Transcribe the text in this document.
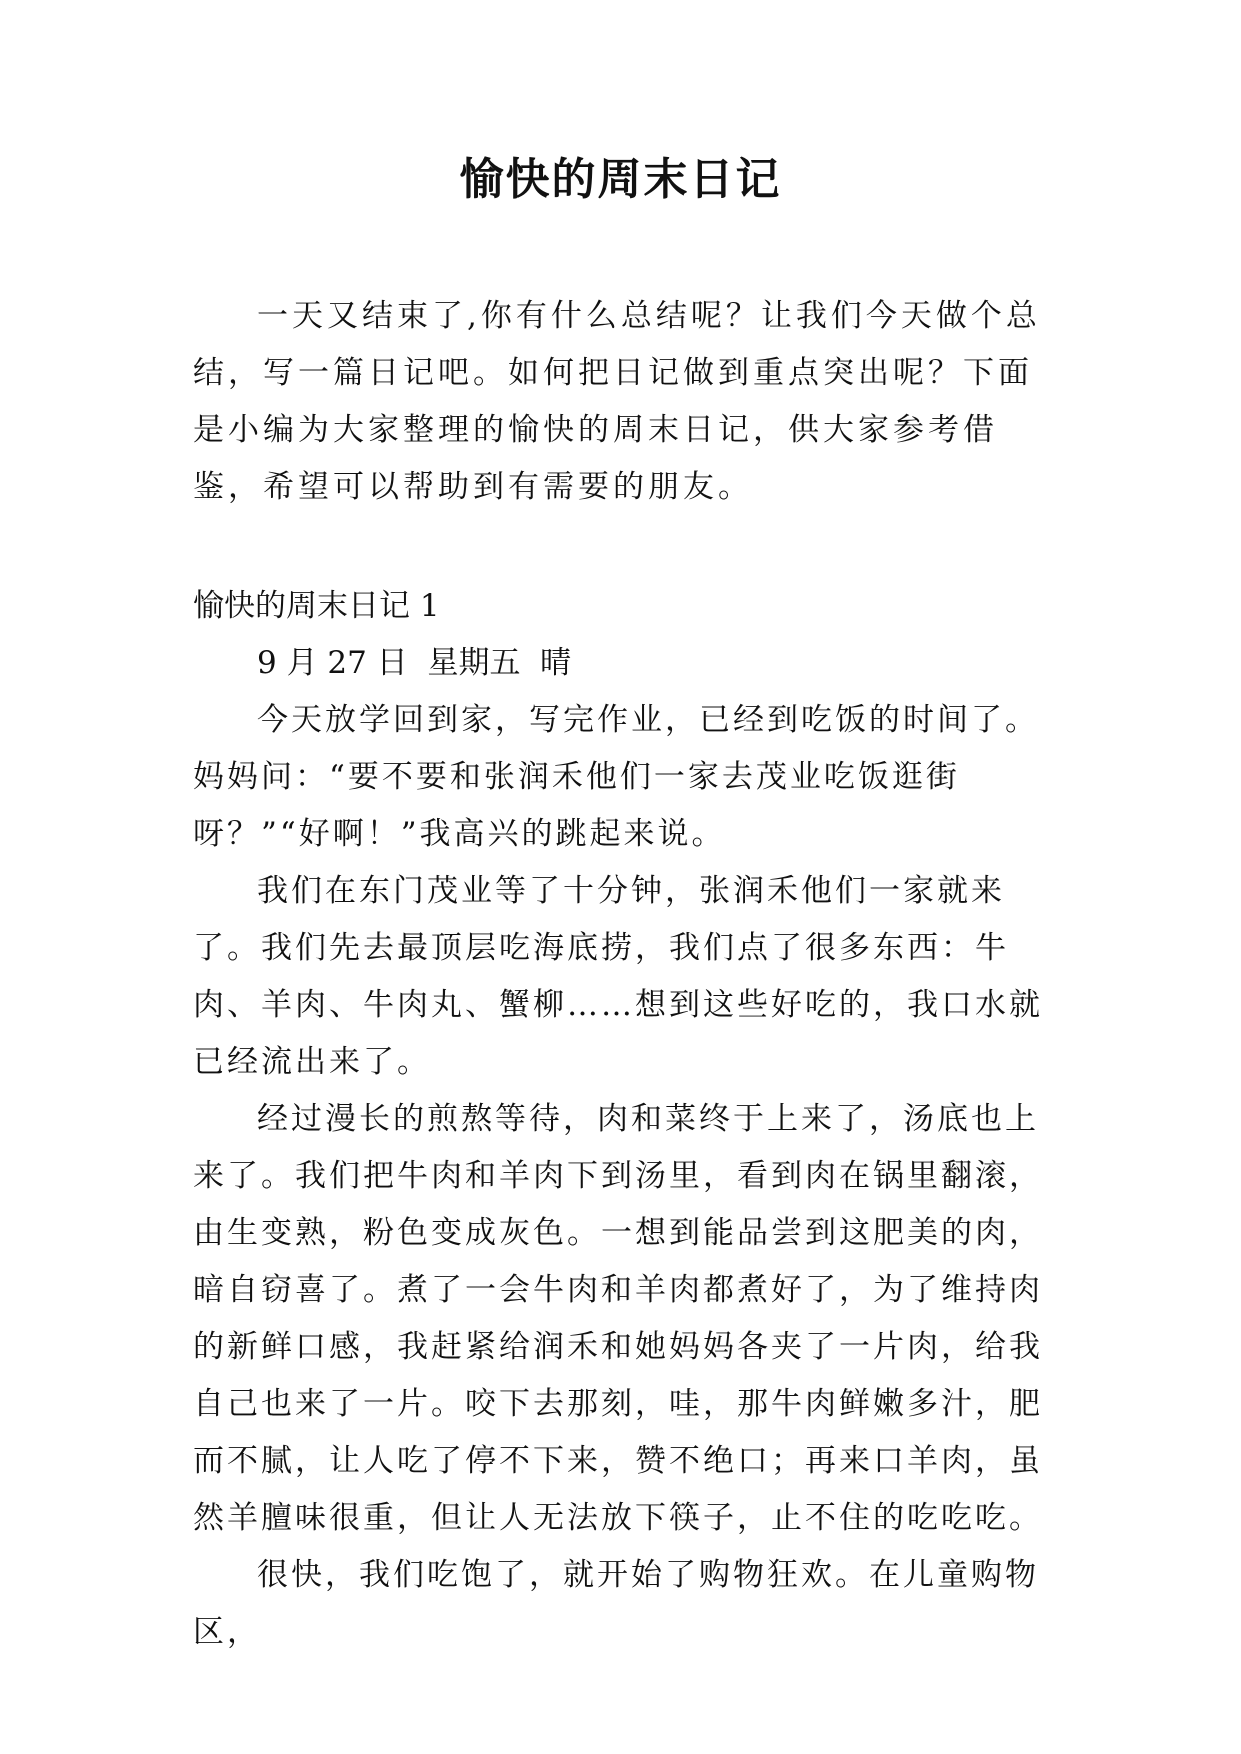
愉快的周末日记

一天又结束了,你有什么总结呢？让我们今天做个总结，写一篇日记吧。如何把日记做到重点突出呢？下面是小编为大家整理的愉快的周末日记，供大家参考借鉴，希望可以帮助到有需要的朋友。

愉快的周末日记 1

9 月 27 日  星期五  晴

今天放学回到家，写完作业，已经到吃饭的时间了。妈妈问：“要不要和张润禾他们一家去茂业吃饭逛街呀？”“好啊！”我高兴的跳起来说。

我们在东门茂业等了十分钟，张润禾他们一家就来了。我们先去最顶层吃海底捞，我们点了很多东西：牛肉、羊肉、牛肉丸、蟹柳……想到这些好吃的，我口水就已经流出来了。

经过漫长的煎熬等待，肉和菜终于上来了，汤底也上来了。我们把牛肉和羊肉下到汤里，看到肉在锅里翻滚，由生变熟，粉色变成灰色。一想到能品尝到这肥美的肉，暗自窃喜了。煮了一会牛肉和羊肉都煮好了，为了维持肉的新鲜口感，我赶紧给润禾和她妈妈各夹了一片肉，给我自己也来了一片。咬下去那刻，哇，那牛肉鲜嫩多汁，肥而不腻，让人吃了停不下来，赞不绝口；再来口羊肉，虽然羊膻味很重，但让人无法放下筷子，止不住的吃吃吃。

很快，我们吃饱了，就开始了购物狂欢。在儿童购物区，
